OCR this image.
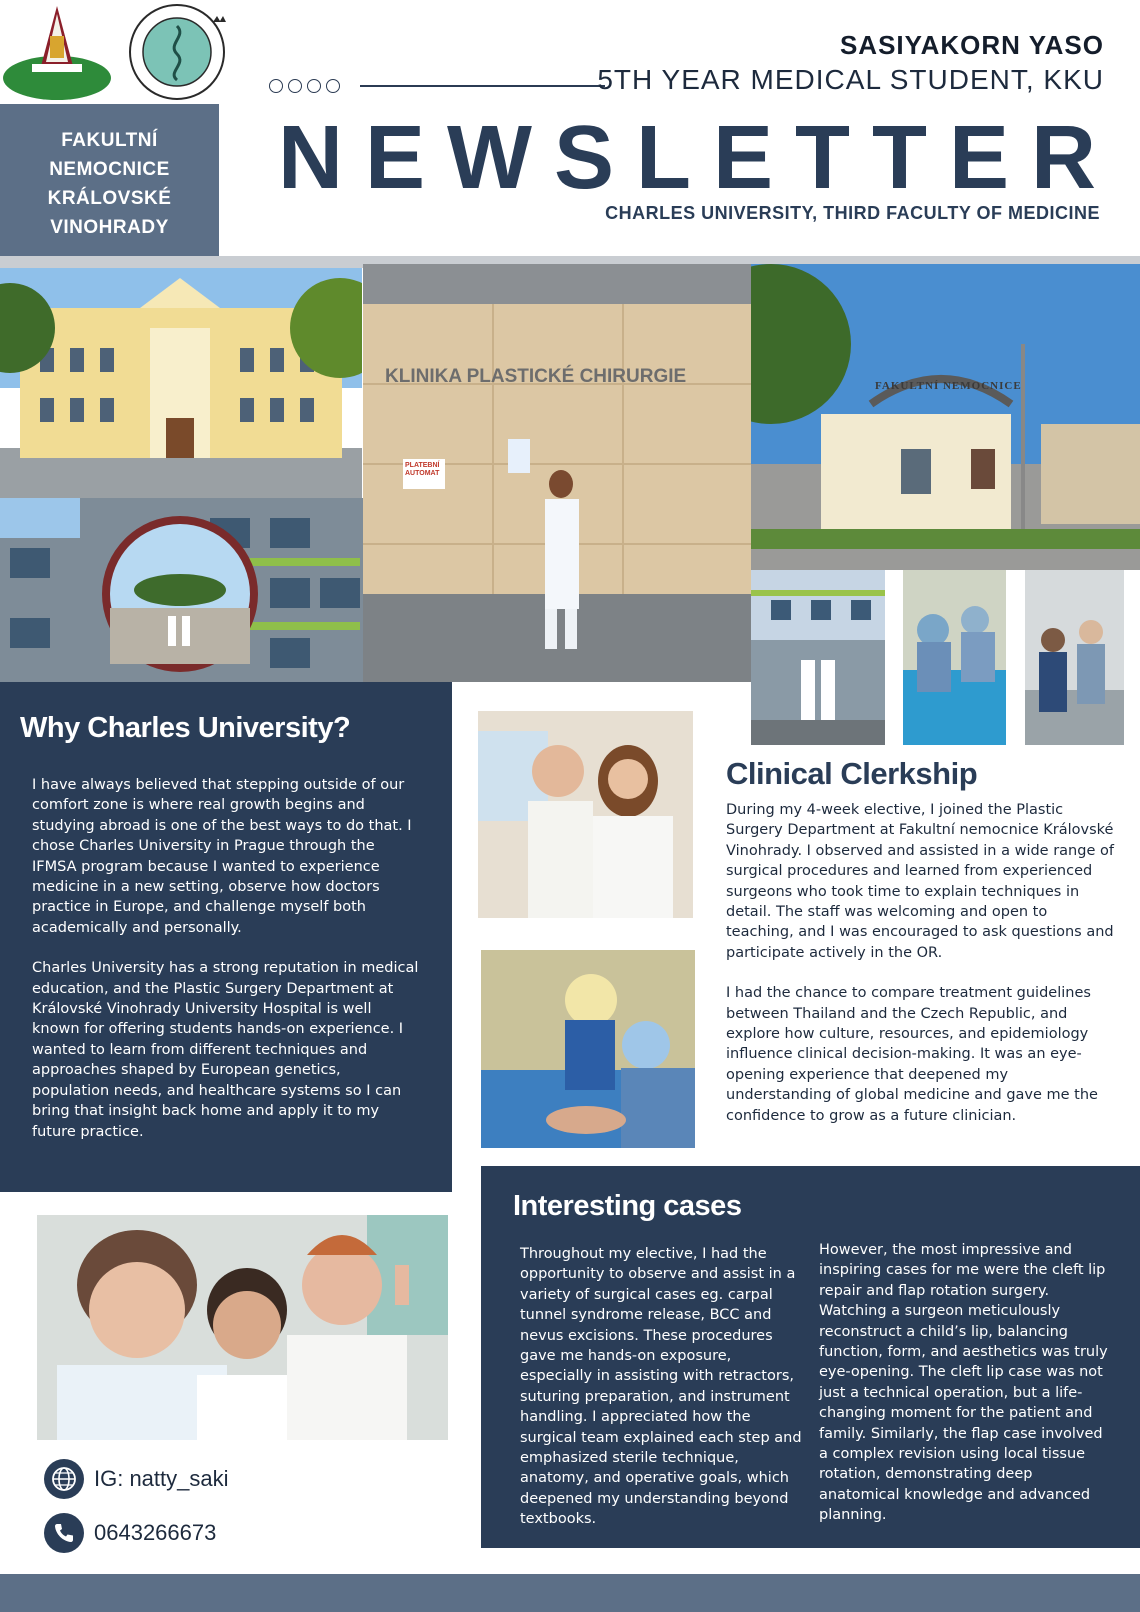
FAKULTNÍ
NEMOCNICE
KRÁLOVSKÉ
VINOHRADY
SASIYAKORN YASO
5TH YEAR MEDICAL STUDENT, KKU
NEWSLETTER
CHARLES UNIVERSITY, THIRD FACULTY OF MEDICINE
KLINIKA PLASTICKÉ CHIRURGIE
PLATEBNÍ AUTOMAT
FAKULTNÍ NEMOCNICE
Why Charles University?

I have always believed that stepping outside of our comfort zone is where real growth begins and studying abroad is one of the best ways to do that. I chose Charles University in Prague through the IFMSA program because I wanted to experience medicine in a new setting, observe how doctors practice in Europe, and challenge myself both academically and personally.

Charles University has a strong reputation in medical education, and the Plastic Surgery Department at Královské Vinohrady University Hospital is well known for offering students hands-on experience. I wanted to learn from different techniques and approaches shaped by European genetics, population needs, and healthcare systems so I can bring that insight back home and apply it to my future practice.

Clinical Clerkship

During my 4-week elective, I joined the Plastic Surgery Department at Fakultní nemocnice Královské Vinohrady. I observed and assisted in a wide range of surgical procedures and learned from experienced surgeons who took time to explain techniques in detail. The staff was welcoming and open to teaching, and I was encouraged to ask questions and participate actively in the OR.

I had the chance to compare treatment guidelines between Thailand and the Czech Republic, and explore how culture, resources, and epidemiology influence clinical decision-making. It was an eye-opening experience that deepened my understanding of global medicine and gave me the confidence to grow as a future clinician.

IG: natty_saki
0643266673
Interesting cases
Throughout my elective, I had the opportunity to observe and assist in a variety of surgical cases eg. carpal tunnel syndrome release, BCC and nevus excisions. These procedures gave me hands-on exposure, especially in assisting with retractors, suturing preparation, and instrument handling. I appreciated how the surgical team explained each step and emphasized sterile technique, anatomy, and operative goals, which deepened my understanding beyond textbooks.
However, the most impressive and inspiring cases for me were the cleft lip repair and flap rotation surgery. Watching a surgeon meticulously reconstruct a child’s lip, balancing function, form, and aesthetics was truly eye-opening. The cleft lip case was not just a technical operation, but a life-changing moment for the patient and family. Similarly, the flap case involved a complex revision using local tissue rotation, demonstrating deep anatomical knowledge and advanced planning.
